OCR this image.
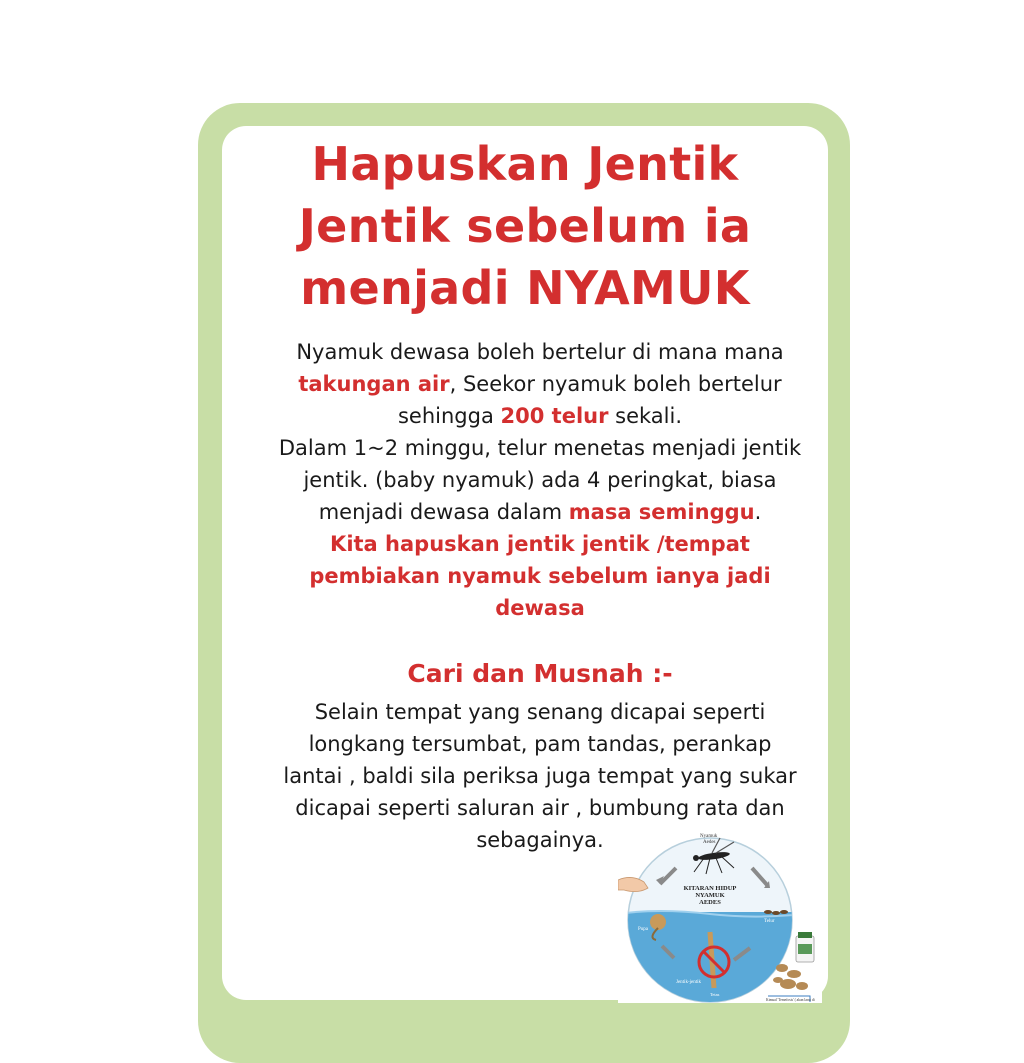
Hapuskan Jentik
Jentik sebelum ia
menjadi NYAMUK

Nyamuk dewasa boleh bertelur di mana mana
takungan air, Seekor nyamuk boleh bertelur
sehingga 200 telur sekali.
Dalam 1~2 minggu, telur menetas menjadi jentik
jentik. (baby nyamuk) ada 4 peringkat, biasa
menjadi dewasa dalam masa seminggu.
Kita hapuskan jentik jentik /tempat
pembiakan nyamuk sebelum ianya jadi
dewasa

Cari dan Musnah :-

Selain tempat yang senang dicapai seperti
longkang tersumbat, pam tandas, perankap
lantai , baldi sila periksa juga tempat yang sukar
dicapai seperti saluran air , bumbung rata dan
sebagainya.	Nyamuk
Aedes
KITARAN HIDUP
NYAMUK
AEDES
Telur
Pupa
Jentik-jentik
Tetas
Kimual 'Temefosis' ( akan larut di
